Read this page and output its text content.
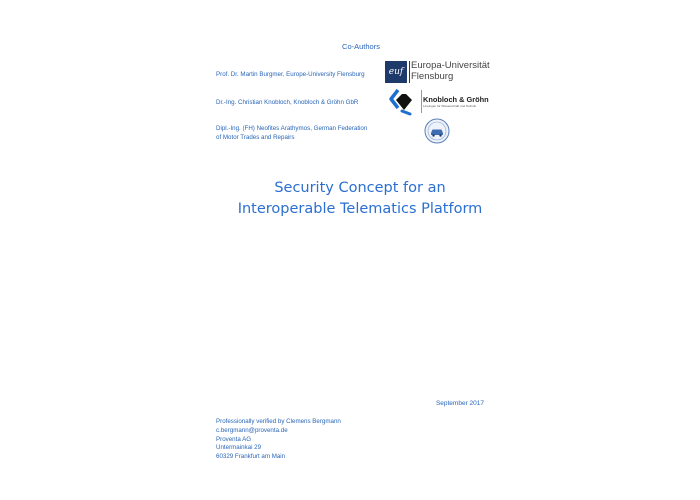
Co-Authors
Prof. Dr. Martin Burgmer, Europe-University Flensburg
Dr.-Ing. Christian Knobloch, Knobloch & Gröhn GbR
Dipl.-Ing. (FH) Neofites Arathymos, German Federation
of Motor Trades and Repairs
euf
Europa-Universität
Flensburg
Knobloch & Gröhn
Lösungen für Wissenschaft und Technik
Security Concept for an
Interoperable Telematics Platform
September 2017
Professionally verified by Clemens Bergmann
c.bergmann@proventa.de
Proventa AG
Untermainkai 29
60329 Frankfurt am Main
